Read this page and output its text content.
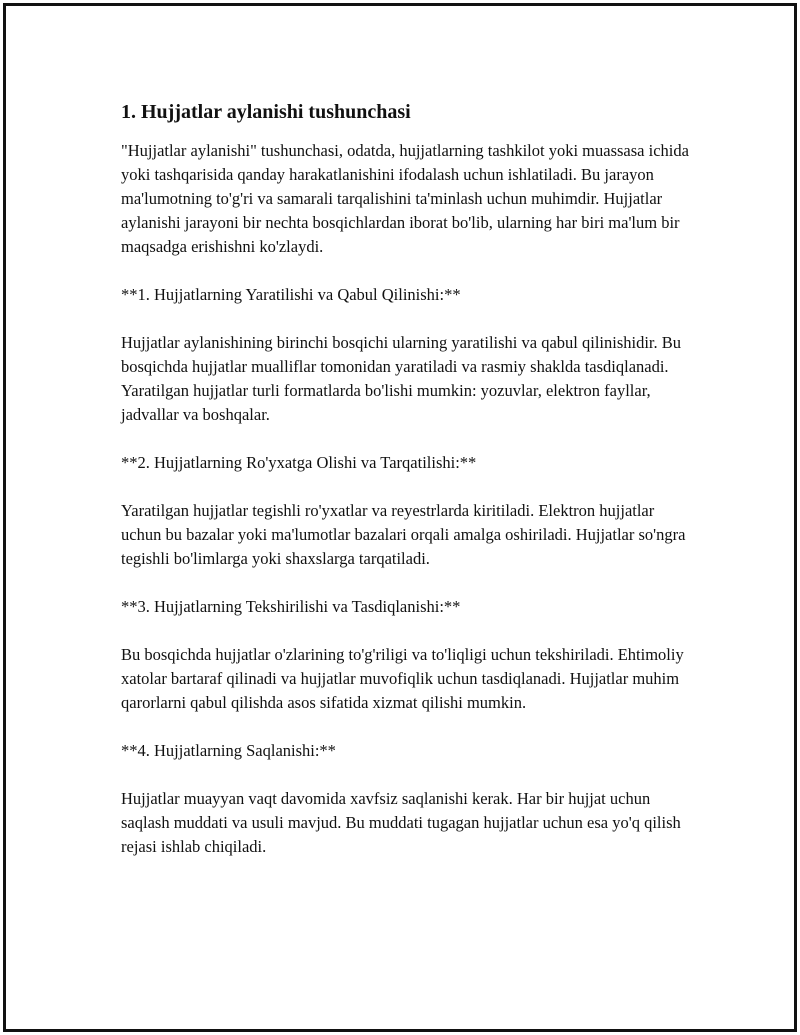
1. Hujjatlar aylanishi tushunchasi

"Hujjatlar aylanishi" tushunchasi, odatda, hujjatlarning tashkilot yoki muassasa ichida yoki tashqarisida qanday harakatlanishini ifodalash uchun ishlatiladi. Bu jarayon ma'lumotning to'g'ri va samarali tarqalishini ta'minlash uchun muhimdir. Hujjatlar aylanishi jarayoni bir nechta bosqichlardan iborat bo'lib, ularning har biri ma'lum bir maqsadga erishishni ko'zlaydi.

**1. Hujjatlarning Yaratilishi va Qabul Qilinishi:**

Hujjatlar aylanishining birinchi bosqichi ularning yaratilishi va qabul qilinishidir. Bu bosqichda hujjatlar mualliflar tomonidan yaratiladi va rasmiy shaklda tasdiqlanadi. Yaratilgan hujjatlar turli formatlarda bo'lishi mumkin: yozuvlar, elektron fayllar, jadvallar va boshqalar.

**2. Hujjatlarning Ro'yxatga Olishi va Tarqatilishi:**

Yaratilgan hujjatlar tegishli ro'yxatlar va reyestrlarda kiritiladi. Elektron hujjatlar uchun bu bazalar yoki ma'lumotlar bazalari orqali amalga oshiriladi. Hujjatlar so'ngra tegishli bo'limlarga yoki shaxslarga tarqatiladi.

**3. Hujjatlarning Tekshirilishi va Tasdiqlanishi:**

Bu bosqichda hujjatlar o'zlarining to'g'riligi va to'liqligi uchun tekshiriladi. Ehtimoliy xatolar bartaraf qilinadi va hujjatlar muvofiqlik uchun tasdiqlanadi. Hujjatlar muhim qarorlarni qabul qilishda asos sifatida xizmat qilishi mumkin.

**4. Hujjatlarning Saqlanishi:**

Hujjatlar muayyan vaqt davomida xavfsiz saqlanishi kerak. Har bir hujjat uchun saqlash muddati va usuli mavjud. Bu muddati tugagan hujjatlar uchun esa yo'q qilish rejasi ishlab chiqiladi.
